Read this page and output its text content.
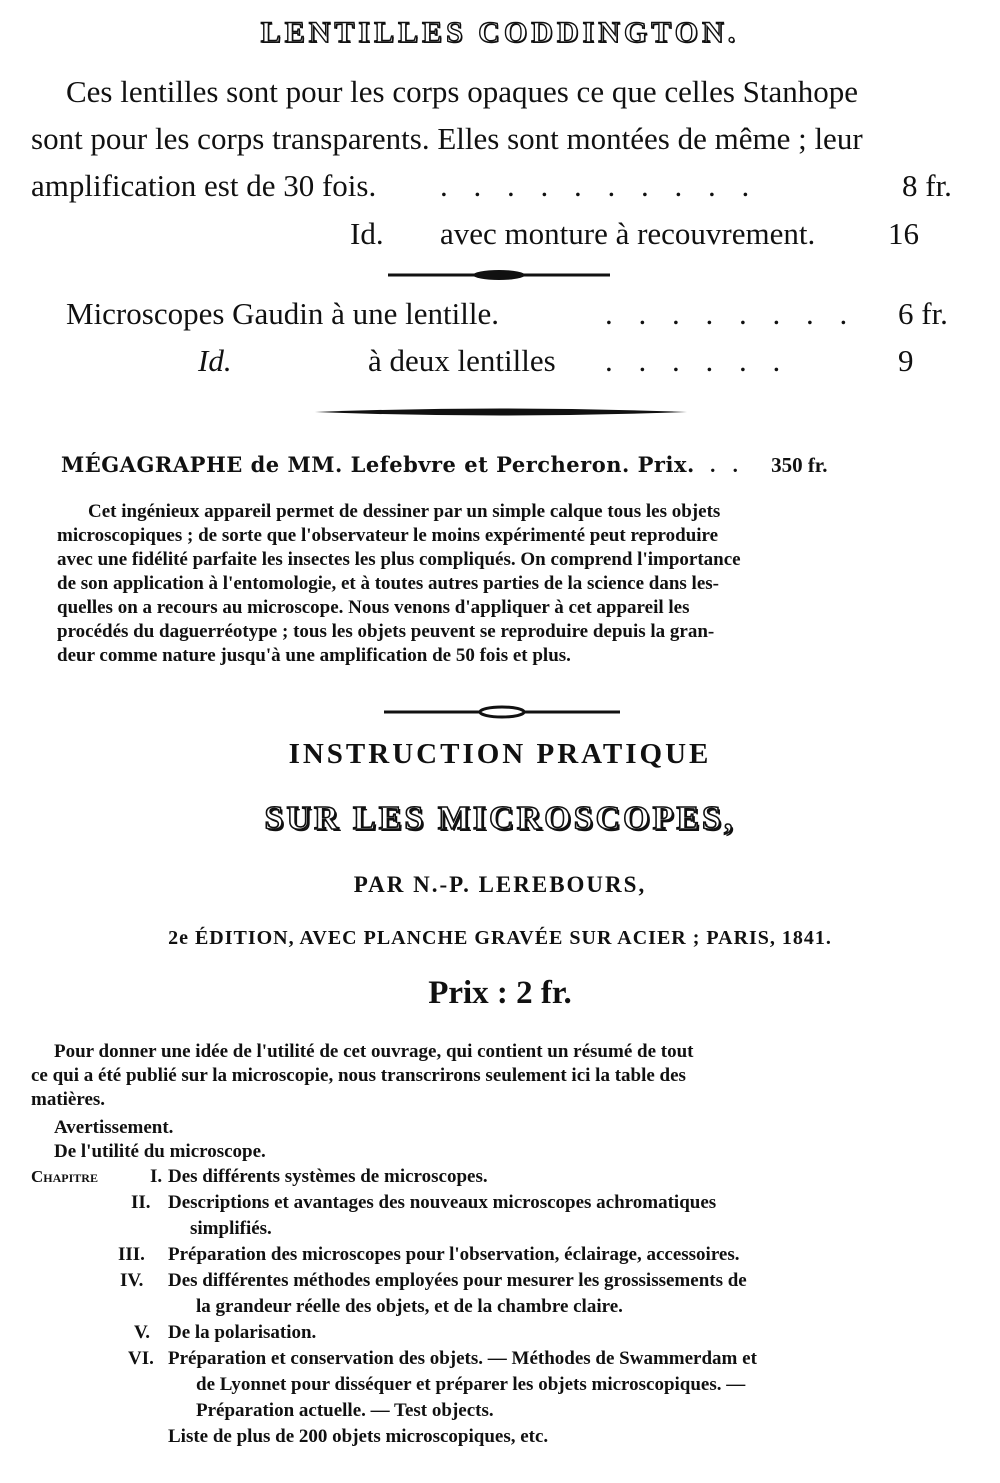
LENTILLES CODDINGTON.
Ces lentilles sont pour les corps opaques ce que celles Stanhope
sont pour les corps transparents. Elles sont montées de même ; leur
amplification est de 30 fois. . . . . . . . . . .	8 fr.
Id. avec monture à recouvrement. 16
Microscopes Gaudin à une lentille.	. . . . . . . . 6 fr.
Id.	à deux lentilles . . . . . .	9
MÉGAGRAPHE de MM. Lefebvre et Percheron. Prix. . . 350 fr.
Cet ingénieux appareil permet de dessiner par un simple calque tous les objets
microscopiques ; de sorte que l'observateur le moins expérimenté peut reproduire
avec une fidélité parfaite les insectes les plus compliqués. On comprend l'importance
de son application à l'entomologie, et à toutes autres parties de la science dans les-
quelles on a recours au microscope. Nous venons d'appliquer à cet appareil les
procédés du daguerréotype ; tous les objets peuvent se reproduire depuis la gran-
deur comme nature jusqu'à une amplification de 50 fois et plus.
INSTRUCTION PRATIQUE
SUR LES MICROSCOPES,
PAR N.-P. LEREBOURS,
2e ÉDITION, AVEC PLANCHE GRAVÉE SUR ACIER ; PARIS, 1841.
Prix : 2 fr.
Pour donner une idée de l'utilité de cet ouvrage, qui contient un résumé de tout
ce qui a été publié sur la microscopie, nous transcrirons seulement ici la table des
matières.
Avertissement.
De l'utilité du microscope.
Chapitre	I. Des différents systèmes de microscopes.
II. Descriptions et avantages des nouveaux microscopes achromatiques
simplifiés.
III. Préparation des microscopes pour l'observation, éclairage, accessoires.
IV. Des différentes méthodes employées pour mesurer les grossissements de
la grandeur réelle des objets, et de la chambre claire.
V. De la polarisation.
VI. Préparation et conservation des objets. — Méthodes de Swammerdam et
de Lyonnet pour disséquer et préparer les objets microscopiques. —
Préparation actuelle. — Test objects.
Liste de plus de 200 objets microscopiques, etc.
